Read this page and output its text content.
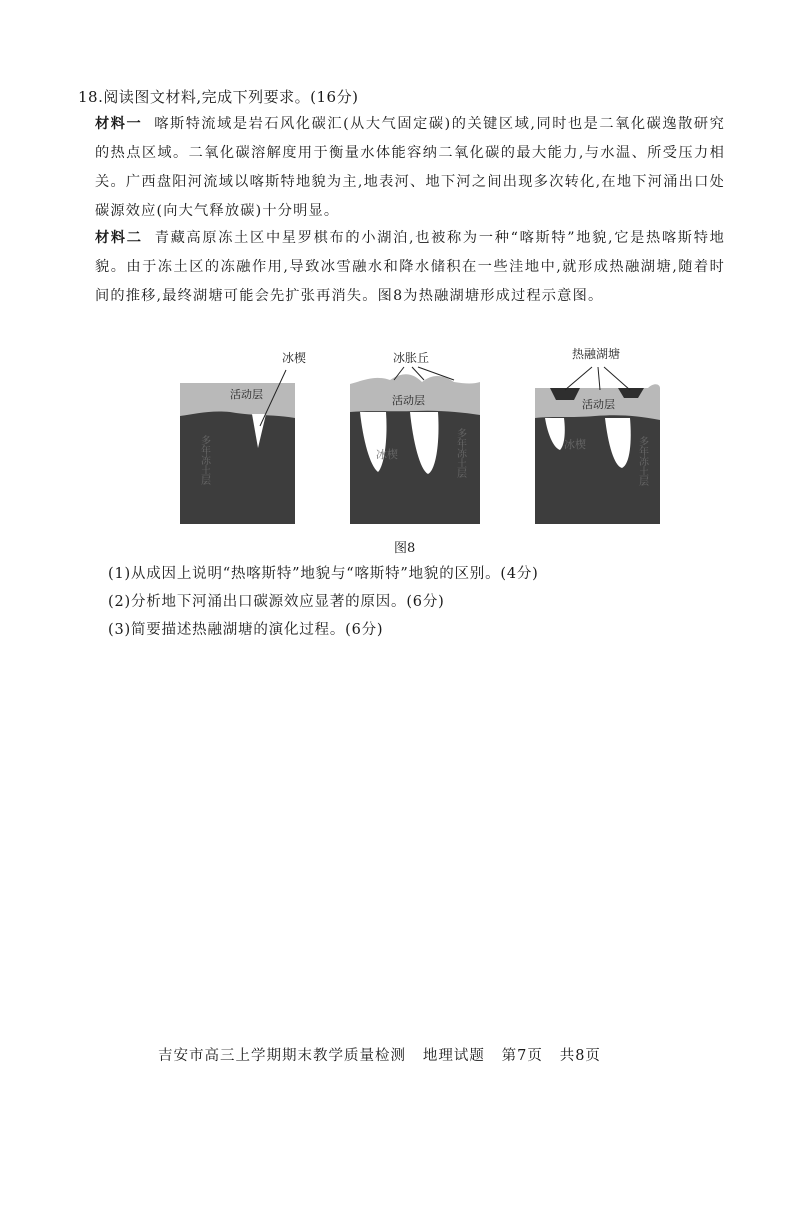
18.阅读图文材料,完成下列要求。(16分)
材料一 喀斯特流域是岩石风化碳汇(从大气固定碳)的关键区域,同时也是二氧化碳逸散研究的热点区域。二氧化碳溶解度用于衡量水体能容纳二氧化碳的最大能力,与水温、所受压力相关。广西盘阳河流域以喀斯特地貌为主,地表河、地下河之间出现多次转化,在地下河涌出口处碳源效应(向大气释放碳)十分明显。
材料二 青藏高原冻土区中星罗棋布的小湖泊,也被称为一种“喀斯特”地貌,它是热喀斯特地貌。由于冻土区的冻融作用,导致冰雪融水和降水储积在一些洼地中,就形成热融湖塘,随着时间的推移,最终湖塘可能会先扩张再消失。图8为热融湖塘形成过程示意图。
冰楔
活动层
多年冻土层
冰胀丘
活动层
冰楔	多年冻土层
热融湖塘
活动层
冰楔	多年冻土层
图8
(1)从成因上说明“热喀斯特”地貌与“喀斯特”地貌的区别。(4分)
(2)分析地下河涌出口碳源效应显著的原因。(6分)
(3)简要描述热融湖塘的演化过程。(6分)
吉安市高三上学期期末教学质量检测   地理试题   第7页   共8页
